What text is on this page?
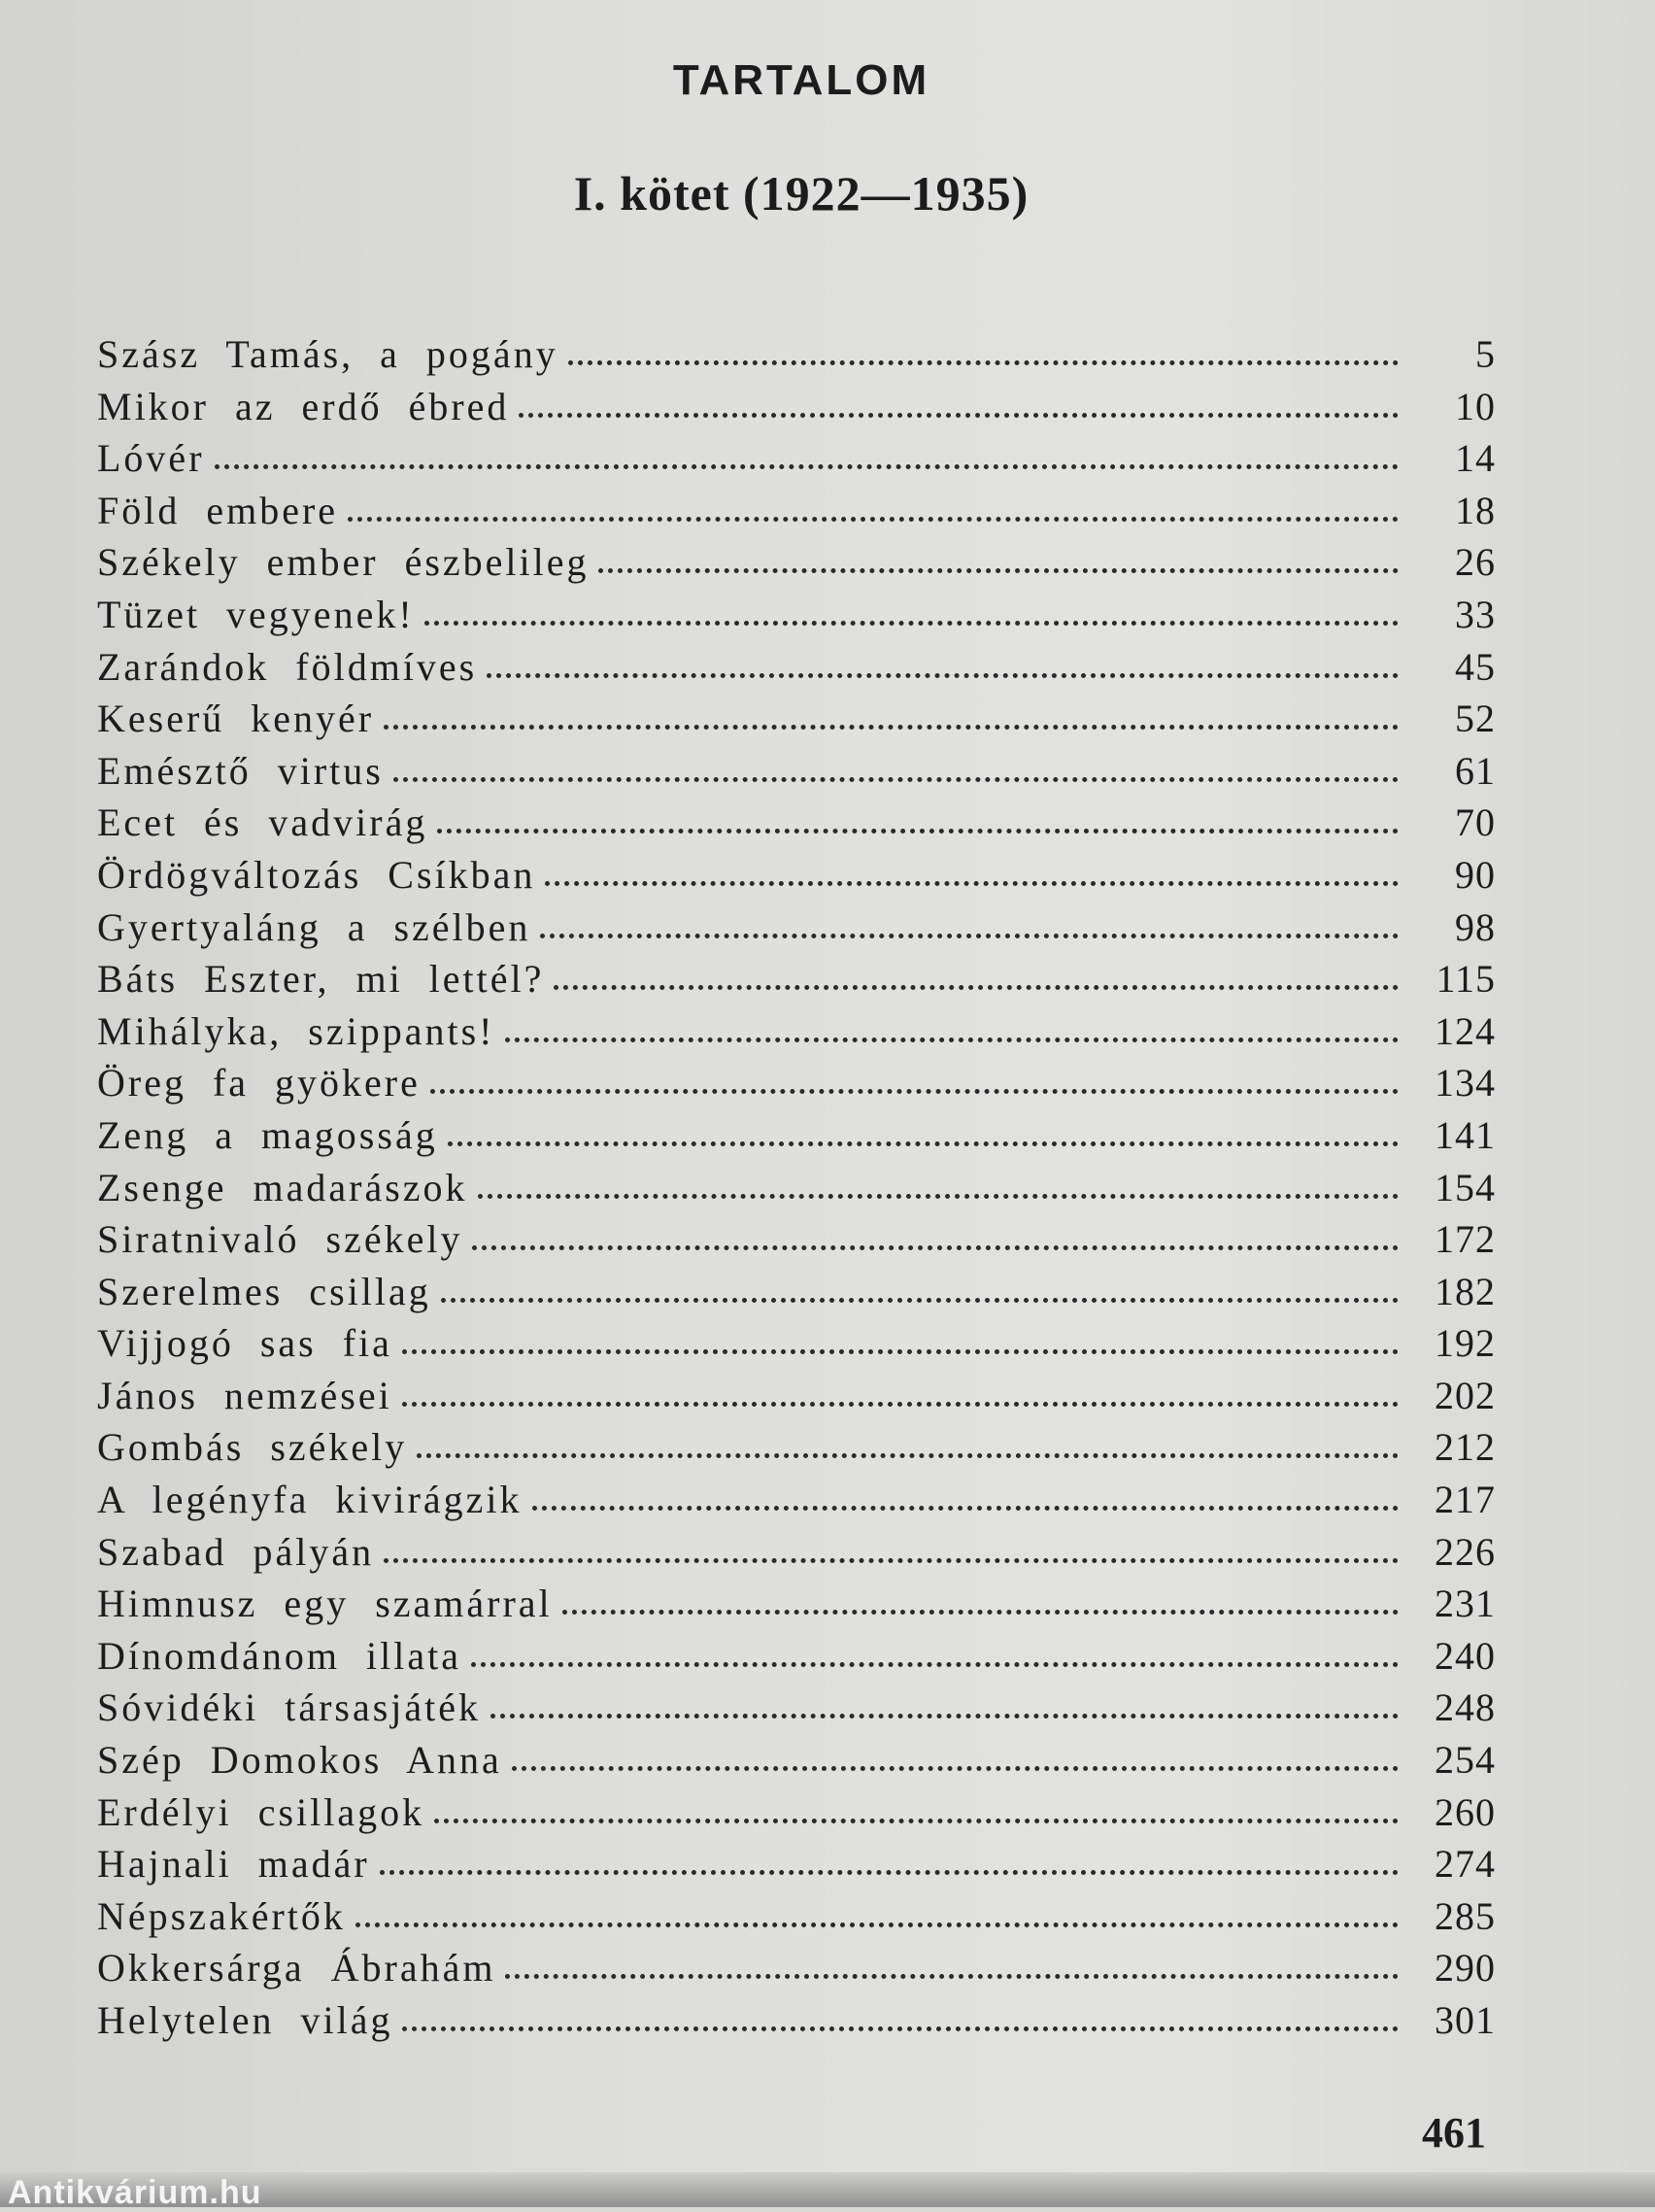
TARTALOM
I. kötet (1922—1935)
Szász Tamás, a pogány	5
Mikor az erdő ébred	10
Lóvér	14
Föld embere	18
Székely ember észbelileg	26
Tüzet vegyenek!	33
Zarándok földmíves	45
Keserű kenyér	52
Emésztő virtus	61
Ecet és vadvirág	70
Ördögváltozás Csíkban	90
Gyertyaláng a szélben	98
Báts Eszter, mi lettél?	115
Mihályka, szippants!	124
Öreg fa gyökere	134
Zeng a magosság	141
Zsenge madarászok	154
Siratnivaló székely	172
Szerelmes csillag	182
Vijjogó sas fia	192
János nemzései	202
Gombás székely	212
A legényfa kivirágzik	217
Szabad pályán	226
Himnusz egy szamárral	231
Dínomdánom illata	240
Sóvidéki társasjáték	248
Szép Domokos Anna	254
Erdélyi csillagok	260
Hajnali madár	274
Népszakértők	285
Okkersárga Ábrahám	290
Helytelen világ	301
461
Antikvárium.hu
